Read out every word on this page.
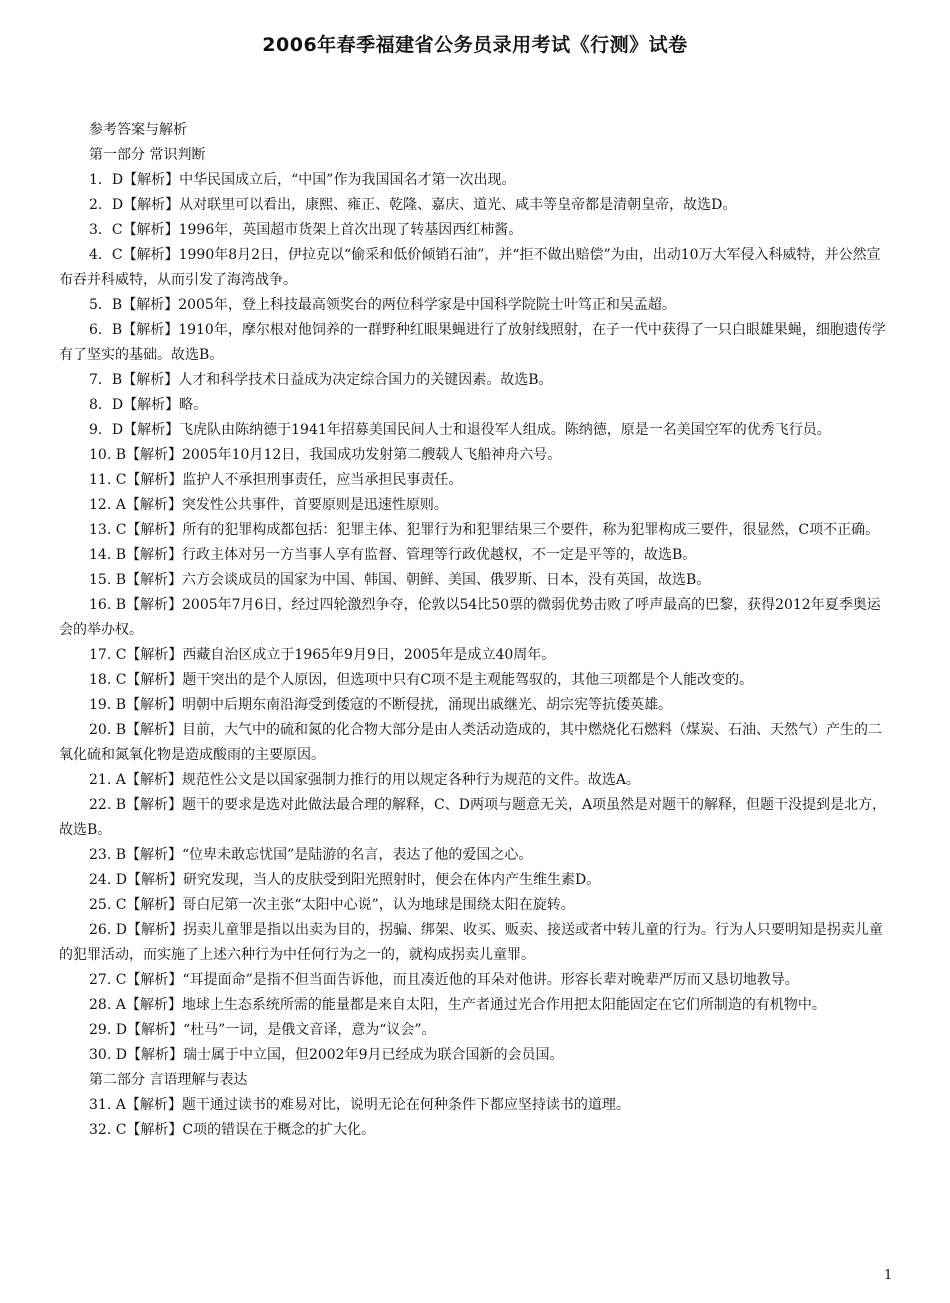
2006年春季福建省公务员录用考试《行测》试卷

参考答案与解析

第一部分 常识判断

1．D【解析】中华民国成立后，“中国”作为我国国名才第一次出现。

2．D【解析】从对联里可以看出，康熙、雍正、乾隆、嘉庆、道光、咸丰等皇帝都是清朝皇帝，故选D。

3．C【解析】1996年，英国超市货架上首次出现了转基因西红柿酱。

4．C【解析】1990年8月2日，伊拉克以“偷采和低价倾销石油”，并“拒不做出赔偿”为由，出动10万大军侵入科威特，并公然宣布吞并科威特，从而引发了海湾战争。

5．B【解析】2005年，登上科技最高领奖台的两位科学家是中国科学院院士叶笃正和吴孟超。

6．B【解析】1910年，摩尔根对他饲养的一群野种红眼果蝇进行了放射线照射，在子一代中获得了一只白眼雄果蝇，细胞遗传学有了坚实的基础。故选B。

7．B【解析】人才和科学技术日益成为决定综合国力的关键因素。故选B。

8．D【解析】略。

9．D【解析】飞虎队由陈纳德于1941年招募美国民间人士和退役军人组成。陈纳德，原是一名美国空军的优秀飞行员。

10. B【解析】2005年10月12日，我国成功发射第二艘载人飞船神舟六号。

11. C【解析】监护人不承担刑事责任，应当承担民事责任。

12. A【解析】突发性公共事件，首要原则是迅速性原则。

13. C【解析】所有的犯罪构成都包括：犯罪主体、犯罪行为和犯罪结果三个要件，称为犯罪构成三要件，很显然，C项不正确。

14. B【解析】行政主体对另一方当事人享有监督、管理等行政优越权，不一定是平等的，故选B。

15. B【解析】六方会谈成员的国家为中国、韩国、朝鲜、美国、俄罗斯、日本，没有英国，故选B。

16. B【解析】2005年7月6日，经过四轮激烈争夺，伦敦以54比50票的微弱优势击败了呼声最高的巴黎，获得2012年夏季奥运会的举办权。

17. C【解析】西藏自治区成立于1965年9月9日，2005年是成立40周年。

18. C【解析】题干突出的是个人原因，但选项中只有C项不是主观能驾驭的，其他三项都是个人能改变的。

19. B【解析】明朝中后期东南沿海受到倭寇的不断侵扰，涌现出戚继光、胡宗宪等抗倭英雄。

20. B【解析】目前，大气中的硫和氮的化合物大部分是由人类活动造成的，其中燃烧化石燃料（煤炭、石油、天然气）产生的二氧化硫和氮氧化物是造成酸雨的主要原因。

21. A【解析】规范性公文是以国家强制力推行的用以规定各种行为规范的文件。故选A。

22. B【解析】题干的要求是选对此做法最合理的解释，C、D两项与题意无关，A项虽然是对题干的解释，但题干没提到是北方，故选B。

23. B【解析】“位卑未敢忘忧国”是陆游的名言，表达了他的爱国之心。

24. D【解析】研究发现，当人的皮肤受到阳光照射时，便会在体内产生维生素D。

25. C【解析】哥白尼第一次主张“太阳中心说”，认为地球是围绕太阳在旋转。

26. D【解析】拐卖儿童罪是指以出卖为目的，拐骗、绑架、收买、贩卖、接送或者中转儿童的行为。行为人只要明知是拐卖儿童的犯罪活动，而实施了上述六种行为中任何行为之一的，就构成拐卖儿童罪。

27. C【解析】“耳提面命”是指不但当面告诉他，而且凑近他的耳朵对他讲。形容长辈对晚辈严厉而又恳切地教导。

28. A【解析】地球上生态系统所需的能量都是来自太阳，生产者通过光合作用把太阳能固定在它们所制造的有机物中。

29. D【解析】“杜马”一词，是俄文音译，意为“议会”。

30. D【解析】瑞士属于中立国，但2002年9月已经成为联合国新的会员国。

第二部分 言语理解与表达

31. A【解析】题干通过读书的难易对比，说明无论在何种条件下都应坚持读书的道理。

32. C【解析】C项的错误在于概念的扩大化。

1
